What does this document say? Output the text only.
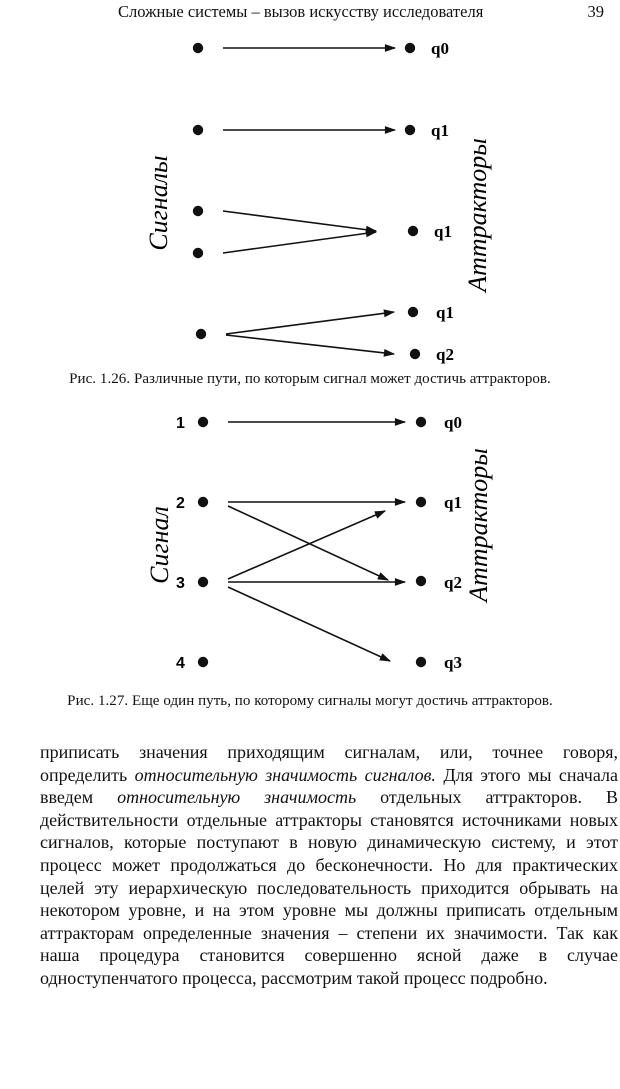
Сложные системы – вызов искусству исследователя	39
q0
q1
q1
q1
q2
Сигналы	Аттракторы
Рис. 1.26. Различные пути, по которым сигнал может достичь аттракторов.
1
2
3
4
q0
q1
q2
q3
Сигнал	Аттракторы
Рис. 1.27. Еще один путь, по которому сигналы могут достичь аттракторов.

приписать значения приходящим сигналам, или, точнее говоря, определить относительную значимость сигналов. Для этого мы сначала введем относительную значимость отдельных аттракторов. В действительности отдельные аттракторы становятся источниками новых сигналов, которые поступают в новую динамическую систему, и этот процесс может продолжаться до бесконечности. Но для практических целей эту иерархическую последовательность приходится обрывать на некотором уровне, и на этом уровне мы должны приписать отдельным аттракторам определенные значения – степени их значимости. Так как наша процедура становится совершенно ясной даже в случае одноступенчатого процесса, рассмотрим такой процесс подробно.
